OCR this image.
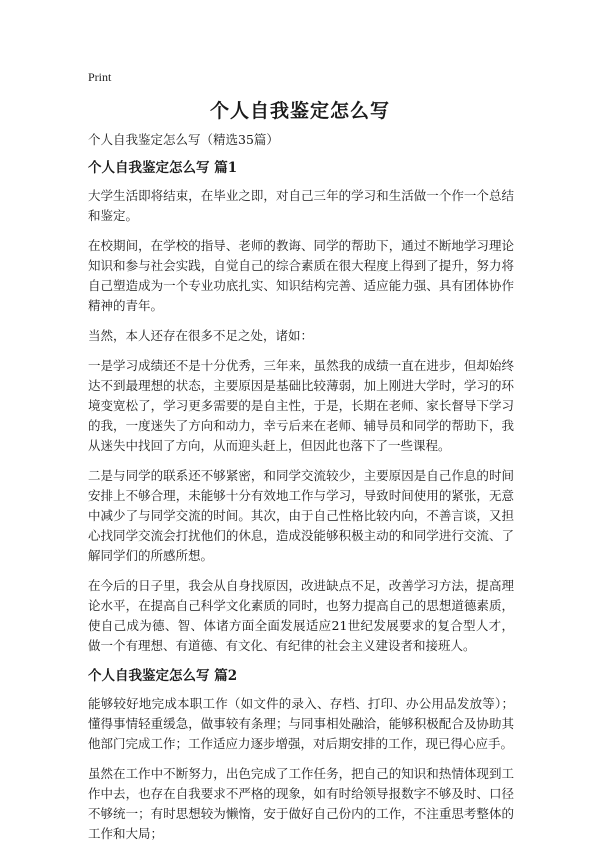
Print
个人自我鉴定怎么写

个人自我鉴定怎么写（精选35篇）

个人自我鉴定怎么写 篇1

大学生活即将结束，在毕业之即，对自己三年的学习和生活做一个作一个总结和鉴定。

在校期间，在学校的指导、老师的教诲、同学的帮助下，通过不断地学习理论知识和参与社会实践，自觉自己的综合素质在很大程度上得到了提升，努力将自己塑造成为一个专业功底扎实、知识结构完善、适应能力强、具有团体协作精神的青年。

当然，本人还存在很多不足之处，诸如：

一是学习成绩还不是十分优秀，三年来，虽然我的成绩一直在进步，但却始终达不到最理想的状态，主要原因是基础比较薄弱，加上刚进大学时，学习的环境变宽松了，学习更多需要的是自主性，于是，长期在老师、家长督导下学习的我，一度迷失了方向和动力，幸亏后来在老师、辅导员和同学的帮助下，我从迷失中找回了方向，从而迎头赶上，但因此也落下了一些课程。

二是与同学的联系还不够紧密，和同学交流较少，主要原因是自己作息的时间安排上不够合理，未能够十分有效地工作与学习，导致时间使用的紧张，无意中减少了与同学交流的时间。其次，由于自己性格比较内向，不善言谈，又担心找同学交流会打扰他们的休息，造成没能够积极主动的和同学进行交流、了解同学们的所感所想。

在今后的日子里，我会从自身找原因，改进缺点不足，改善学习方法，提高理论水平，在提高自己科学文化素质的同时，也努力提高自己的思想道德素质，使自己成为德、智、体诸方面全面发展适应21世纪发展要求的复合型人才，做一个有理想、有道德、有文化、有纪律的社会主义建设者和接班人。

个人自我鉴定怎么写 篇2

能够较好地完成本职工作（如文件的录入、存档、打印、办公用品发放等）；懂得事情轻重缓急，做事较有条理；与同事相处融洽，能够积极配合及协助其他部门完成工作；工作适应力逐步增强，对后期安排的工作，现已得心应手。

虽然在工作中不断努力，出色完成了工作任务，把自己的知识和热情体现到工作中去，也存在自我要求不严格的现象，如有时给领导报数字不够及时、口径不够统一；有时思想较为懒惰，安于做好自己份内的工作，不注重思考整体的工作和大局；
